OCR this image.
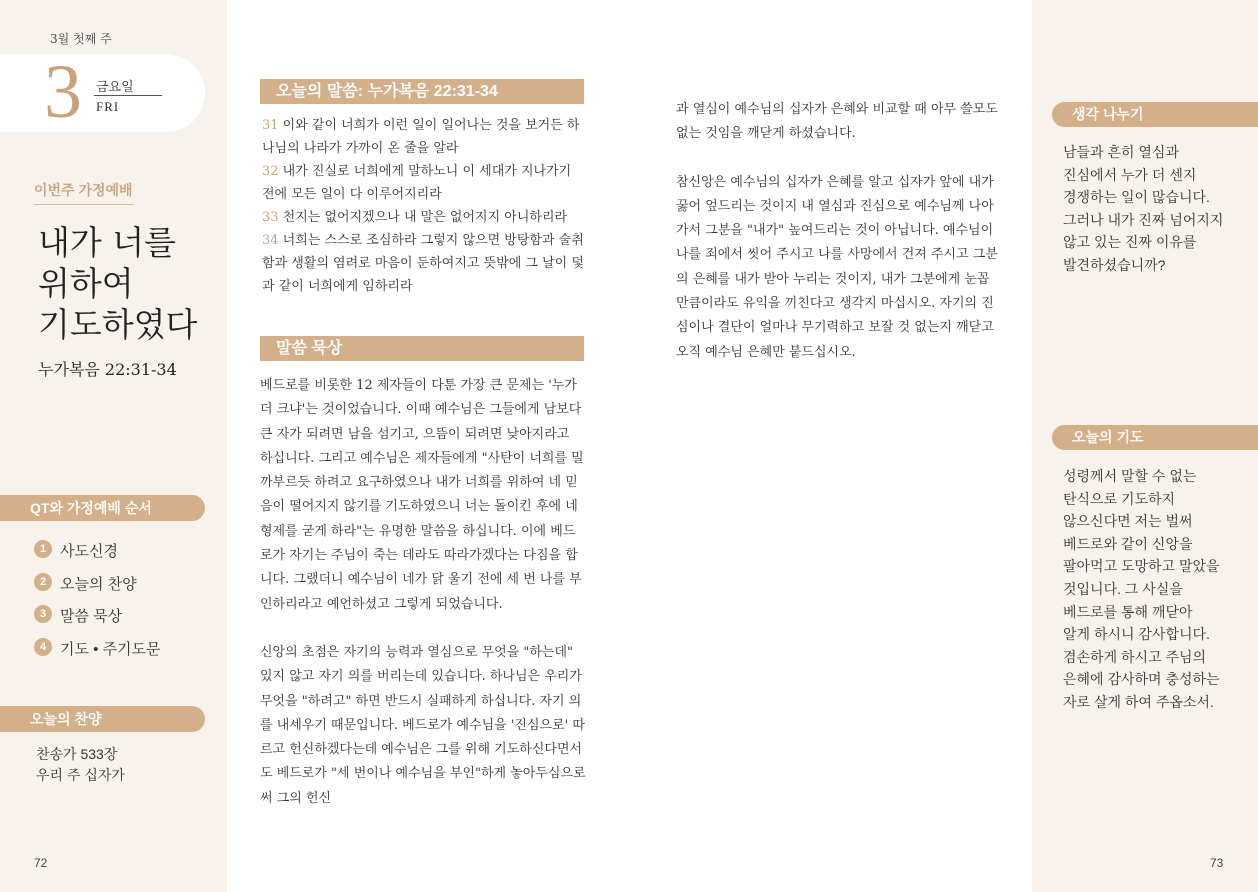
3월 첫째 주
3 금요일
FRI
이번주 가정예배
내가 너를
위하여
기도하였다
누가복음 22:31-34
QT와 가정예배 순서
1 사도신경
2 오늘의 찬양
3 말씀 묵상
4 기도 • 주기도문
오늘의 찬양
찬송가 533장
우리 주 십자가
72
오늘의 말씀: 누가복음 22:31-34
31 이와 같이 너희가 이런 일이 일어나는 것을 보거든 하나님의 나라가 가까이 온 줄을 알라
32 내가 진실로 너희에게 말하노니 이 세대가 지나가기 전에 모든 일이 다 이루어지리라
33 천지는 없어지겠으나 내 말은 없어지지 아니하리라
34 너희는 스스로 조심하라 그렇지 않으면 방탕함과 술취함과 생활의 염려로 마음이 둔하여지고 뜻밖에 그 날이 덫과 같이 너희에게 임하리라
말씀 묵상

베드로를 비롯한 12 제자들이 다툰 가장 큰 문제는 '누가 더 크냐'는 것이었습니다. 이때 예수님은 그들에게 남보다 큰 자가 되려면 남을 섬기고, 으뜸이 되려면 낮아지라고 하십니다. 그리고 예수님은 제자들에게 "사탄이 너희를 밀 까부르듯 하려고 요구하였으나 내가 너희를 위하여 네 믿음이 떨어지지 않기를 기도하였으니 너는 돌이킨 후에 네 형제를 굳게 하라"는 유명한 말씀을 하십니다. 이에 베드로가 자기는 주님이 죽는 데라도 따라가겠다는 다짐을 합니다. 그랬더니 예수님이 네가 닭 울기 전에 세 번 나를 부인하리라고 예언하셨고 그렇게 되었습니다.

신앙의 초점은 자기의 능력과 열심으로 무엇을 "하는데" 있지 않고 자기 의를 버리는데 있습니다. 하나님은 우리가 무엇을 "하려고" 하면 반드시 실패하게 하십니다. 자기 의를 내세우기 때문입니다. 베드로가 예수님을 '진심으로' 따르고 헌신하겠다는데 예수님은 그를 위해 기도하신다면서도 베드로가 "세 번이나 예수님을 부인"하게 놓아두심으로써 그의 헌신

과 열심이 예수님의 십자가 은혜와 비교할 때 아무 쓸모도 없는 것임을 깨닫게 하셨습니다.

참신앙은 예수님의 십자가 은혜를 알고 십자가 앞에 내가 꿇어 엎드리는 것이지 내 열심과 진심으로 예수님께 나아가서 그분을 "내가" 높여드리는 것이 아닙니다. 예수님이 나를 죄에서 씻어 주시고 나를 사망에서 건져 주시고 그분의 은혜를 내가 받아 누리는 것이지, 내가 그분에게 눈꼽만큼이라도 유익을 끼친다고 생각지 마십시오. 자기의 진심이나 결단이 얼마나 무기력하고 보잘 것 없는지 깨닫고 오직 예수님 은혜만 붙드십시오.

생각 나누기
남들과 흔히 열심과
진심에서 누가 더 센지
경쟁하는 일이 많습니다.
그러나 내가 진짜 넘어지지
않고 있는 진짜 이유를
발견하셨습니까?
오늘의 기도
성령께서 말할 수 없는
탄식으로 기도하지
않으신다면 저는 벌써
베드로와 같이 신앙을
팔아먹고 도망하고 말았을
것입니다. 그 사실을
베드로를 통해 깨닫아
알게 하시니 감사합니다.
겸손하게 하시고 주님의
은혜에 감사하며 충성하는
자로 살게 하여 주옵소서.
73
